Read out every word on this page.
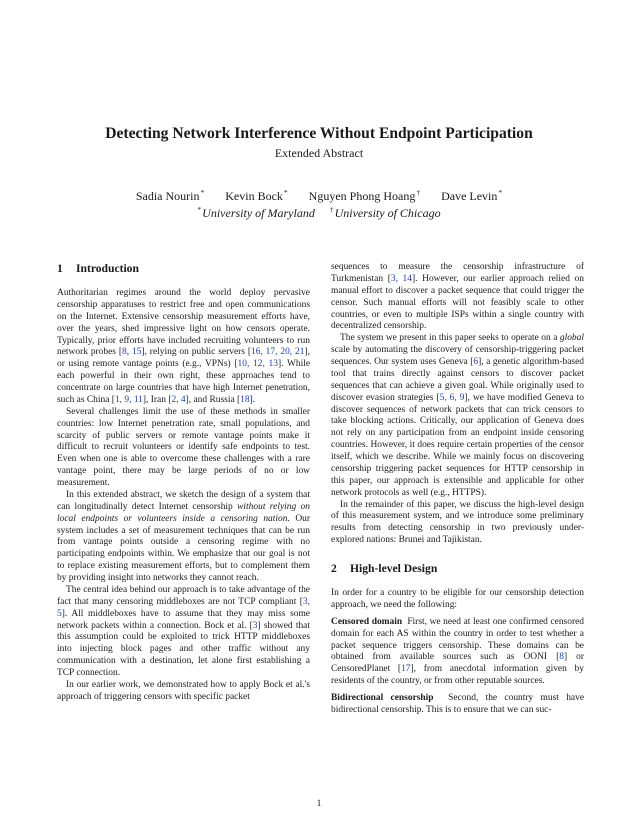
Detecting Network Interference Without Endpoint Participation
Extended Abstract
Sadia Nourin* Kevin Bock* Nguyen Phong Hoang† Dave Levin*
*University of Maryland †University of Chicago
1 Introduction

Authoritarian regimes around the world deploy pervasive censorship apparatuses to restrict free and open communications on the Internet. Extensive censorship measurement efforts have, over the years, shed impressive light on how censors operate. Typically, prior efforts have included recruiting volunteers to run network probes [8, 15], relying on public servers [16, 17, 20, 21], or using remote vantage points (e.g., VPNs) [10, 12, 13]. While each powerful in their own right, these approaches tend to concentrate on large countries that have high Internet penetration, such as China [1, 9, 11], Iran [2, 4], and Russia [18].

Several challenges limit the use of these methods in smaller countries: low Internet penetration rate, small populations, and scarcity of public servers or remote vantage points make it difficult to recruit volunteers or identify safe endpoints to test. Even when one is able to overcome these challenges with a rare vantage point, there may be large periods of no or low measurement.

In this extended abstract, we sketch the design of a system that can longitudinally detect Internet censorship without relying on local endpoints or volunteers inside a censoring nation. Our system includes a set of measurement techniques that can be run from vantage points outside a censoring regime with no participating endpoints within. We emphasize that our goal is not to replace existing measurement efforts, but to complement them by providing insight into networks they cannot reach.

The central idea behind our approach is to take advantage of the fact that many censoring middleboxes are not TCP compliant [3, 5]. All middleboxes have to assume that they may miss some network packets within a connection. Bock et al. [3] showed that this assumption could be exploited to trick HTTP middleboxes into injecting block pages and other traffic without any communication with a destination, let alone first establishing a TCP connection.

In our earlier work, we demonstrated how to apply Bock et al.'s approach of triggering censors with specific packet

sequences to measure the censorship infrastructure of Turkmenistan [3, 14]. However, our earlier approach relied on manual effort to discover a packet sequence that could trigger the censor. Such manual efforts will not feasibly scale to other countries, or even to multiple ISPs within a single country with decentralized censorship.

The system we present in this paper seeks to operate on a global scale by automating the discovery of censorship-triggering packet sequences. Our system uses Geneva [6], a genetic algorithm-based tool that trains directly against censors to discover packet sequences that can achieve a given goal. While originally used to discover evasion strategies [5, 6, 9], we have modified Geneva to discover sequences of network packets that can trick censors to take blocking actions. Critically, our application of Geneva does not rely on any participation from an endpoint inside censoring countries. However, it does require certain properties of the censor itself, which we describe. While we mainly focus on discovering censorship triggering packet sequences for HTTP censorship in this paper, our approach is extensible and applicable for other network protocols as well (e.g., HTTPS).

In the remainder of this paper, we discuss the high-level design of this measurement system, and we introduce some preliminary results from detecting censorship in two previously under-explored nations: Brunei and Tajikistan.

2 High-level Design

In order for a country to be eligible for our censorship detection approach, we need the following:

Censored domain First, we need at least one confirmed censored domain for each AS within the country in order to test whether a packet sequence triggers censorship. These domains can be obtained from available sources such as OONI [8] or CensoredPlanet [17], from anecdotal information given by residents of the country, or from other reputable sources.

Bidirectional censorship Second, the country must have bidirectional censorship. This is to ensure that we can suc-

1
